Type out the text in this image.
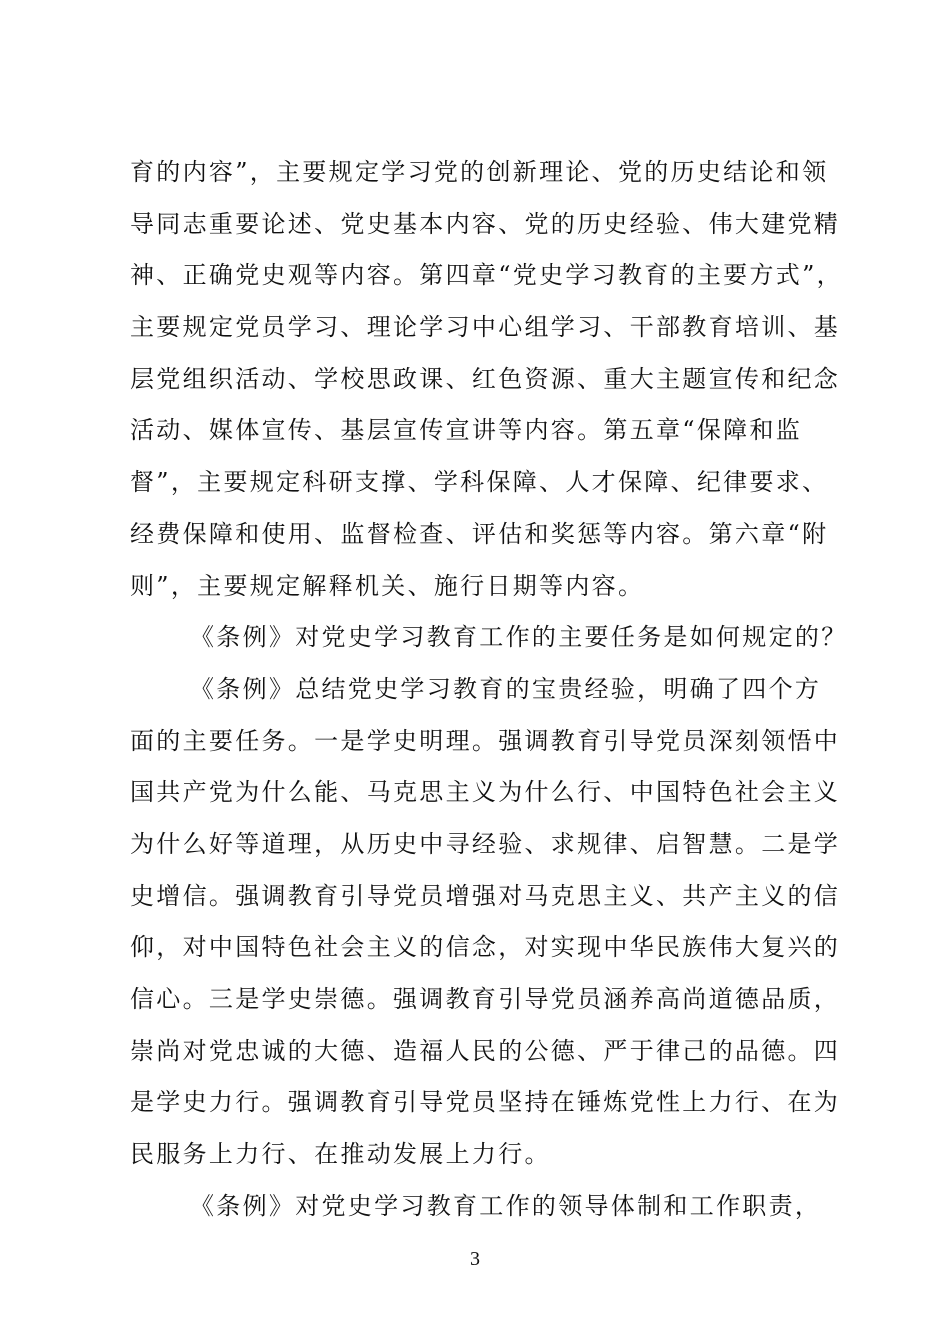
育的内容”，主要规定学习党的创新理论、党的历史结论和领
导同志重要论述、党史基本内容、党的历史经验、伟大建党精
神、正确党史观等内容。第四章“党史学习教育的主要方式”，
主要规定党员学习、理论学习中心组学习、干部教育培训、基
层党组织活动、学校思政课、红色资源、重大主题宣传和纪念
活动、媒体宣传、基层宣传宣讲等内容。第五章“保障和监
督”，主要规定科研支撑、学科保障、人才保障、纪律要求、
经费保障和使用、监督检查、评估和奖惩等内容。第六章“附
则”，主要规定解释机关、施行日期等内容。
《条例》对党史学习教育工作的主要任务是如何规定的？
《条例》总结党史学习教育的宝贵经验，明确了四个方
面的主要任务。一是学史明理。强调教育引导党员深刻领悟中
国共产党为什么能、马克思主义为什么行、中国特色社会主义
为什么好等道理，从历史中寻经验、求规律、启智慧。二是学
史增信。强调教育引导党员增强对马克思主义、共产主义的信
仰，对中国特色社会主义的信念，对实现中华民族伟大复兴的
信心。三是学史崇德。强调教育引导党员涵养高尚道德品质，
崇尚对党忠诚的大德、造福人民的公德、严于律己的品德。四
是学史力行。强调教育引导党员坚持在锤炼党性上力行、在为
民服务上力行、在推动发展上力行。
《条例》对党史学习教育工作的领导体制和工作职责，
3
